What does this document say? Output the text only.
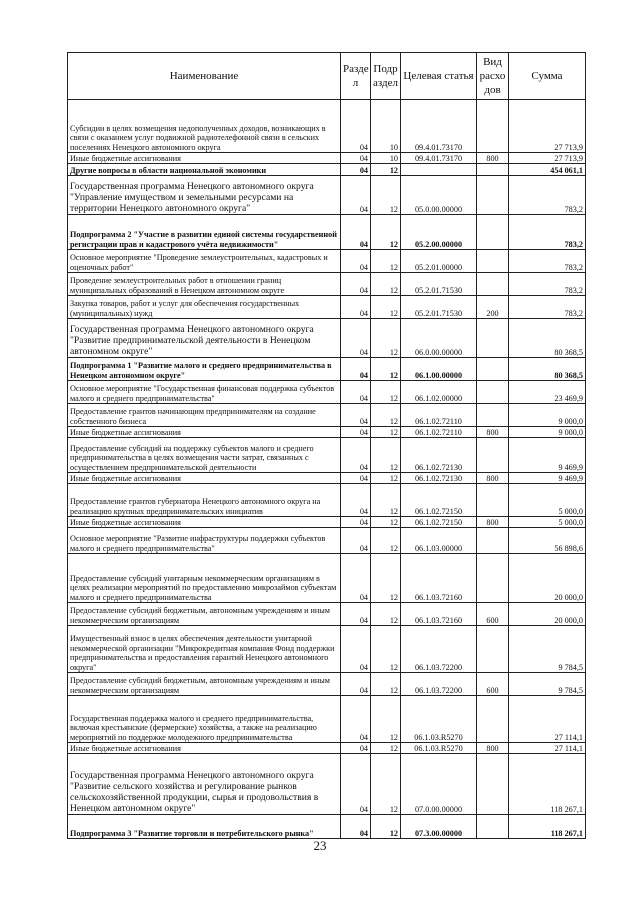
Наименование	Разде л	Подр аздел	Целевая статья	Вид расхо дов	Сумма
Субсидии в целях возмещения недополученных доходов, возникающих в связи с оказанием услуг подвижной радиотелефонной связи в сельских поселениях Ненецкого автономного округа	04	10	09.4.01.73170		27 713,9
Иные бюджетные ассигнования	04	10	09.4.01.73170	800	27 713,9
Другие вопросы в области национальной экономики	04	12			454 061,1
Государственная программа Ненецкого автономного округа "Управление имуществом и земельными ресурсами на территории Ненецкого автономного округа"	04	12	05.0.00.00000		783,2
Подпрограмма 2 "Участие в развитии единой системы государственной регистрации прав и кадастрового учёта недвижимости"	04	12	05.2.00.00000		783,2
Основное мероприятие "Проведение землеустроительных, кадастровых и оценочных работ"	04	12	05.2.01.00000		783,2
Проведение землеустроительных работ в отношении границ муниципальных образований в Ненецком автономном округе	04	12	05.2.01.71530		783,2
Закупка товаров, работ и услуг для обеспечения государственных (муниципальных) нужд	04	12	05.2.01.71530	200	783,2
Государственная программа Ненецкого автономного округа "Развитие предпринимательской деятельности в Ненецком автономном округе"	04	12	06.0.00.00000		80 368,5
Подпрограмма 1 "Развитие малого и среднего предпринимательства в Ненецком автономном округе"	04	12	06.1.00.00000		80 368,5
Основное мероприятие "Государственная финансовая поддержка субъектов малого и среднего предпринимательства"	04	12	06.1.02.00000		23 469,9
Предоставление грантов начинающим предпринимателям на создание собственного бизнеса	04	12	06.1.02.72110		9 000,0
Иные бюджетные ассигнования	04	12	06.1.02.72110	800	9 000,0
Предоставление субсидий на поддержку субъектов малого и среднего предпринимательства в целях возмещения части затрат, связанных с осуществлением предпринимательской деятельности	04	12	06.1.02.72130		9 469,9
Иные бюджетные ассигнования	04	12	06.1.02.72130	800	9 469,9
Предоставление грантов губернатора Ненецкого автономного округа на реализацию крупных предпринимательских инициатив	04	12	06.1.02.72150		5 000,0
Иные бюджетные ассигнования	04	12	06.1.02.72150	800	5 000,0
Основное мероприятие "Развитие инфраструктуры поддержки субъектов малого и среднего предпринимательства"	04	12	06.1.03.00000		56 898,6
Предоставление субсидий унитарным некоммерческим организациям в целях реализации мероприятий по предоставлению микрозаймов субъектам малого и среднего предпринимательства	04	12	06.1.03.72160		20 000,0
Предоставление субсидий бюджетным, автономным учреждениям и иным некоммерческим организациям	04	12	06.1.03.72160	600	20 000,0
Имущественный взнос в целях обеспечения деятельности унитарной некоммерческой организации "Микрокредитная компания Фонд поддержки предпринимательства и предоставления гарантий Ненецкого автономного округа"	04	12	06.1.03.72200		9 784,5
Предоставление субсидий бюджетным, автономным учреждениям и иным некоммерческим организациям	04	12	06.1.03.72200	600	9 784,5
Государственная поддержка малого и среднего предпринимательства, включая крестьянские (фермерские) хозяйства, а также на реализацию мероприятий по поддержке молодежного предпринимательства	04	12	06.1.03.R5270		27 114,1
Иные бюджетные ассигнования	04	12	06.1.03.R5270	800	27 114,1
Государственная программа Ненецкого автономного округа "Развитие сельского хозяйства и регулирование рынков сельскохозяйственной продукции, сырья и продовольствия в Ненецком автономном округе"	04	12	07.0.00.00000		118 267,1
Подпрограмма 3 "Развитие торговли и потребительского рынка"	04	12	07.3.00.00000		118 267,1
23
